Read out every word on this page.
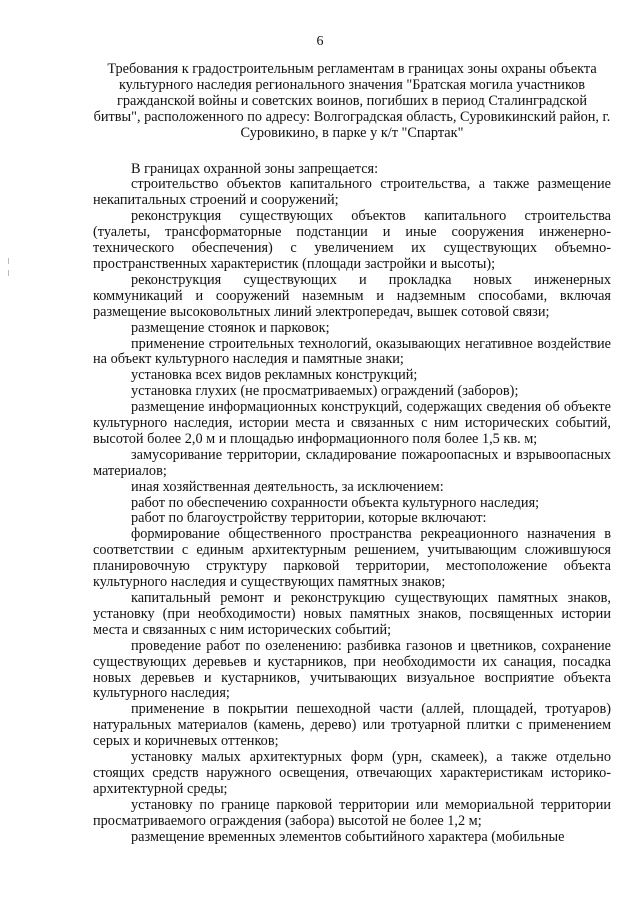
6
Требования к градостроительным регламентам в границах зоны охраны объекта культурного наследия регионального значения "Братская могила участников гражданской войны и советских воинов, погибших в период Сталинградской битвы", расположенного по адресу: Волгоградская область, Суровикинский район, г. Суровикино, в парке у к/т "Спартак"

В границах охранной зоны запрещается:

строительство объектов капитального строительства, а также размещение некапитальных строений и сооружений;

реконструкция существующих объектов капитального строительства (туалеты, трансформаторные подстанции и иные сооружения инженерно-технического обеспечения) с увеличением их существующих объемно-пространственных характеристик (площади застройки и высоты);

реконструкция существующих и прокладка новых инженерных коммуникаций и сооружений наземным и надземным способами, включая размещение высоковольтных линий электропередач, вышек сотовой связи;

размещение стоянок и парковок;

применение строительных технологий, оказывающих негативное воздействие на объект культурного наследия и памятные знаки;

установка всех видов рекламных конструкций;

установка глухих (не просматриваемых) ограждений (заборов);

размещение информационных конструкций, содержащих сведения об объекте культурного наследия, истории места и связанных с ним исторических событий, высотой более 2,0 м и площадью информационного поля более 1,5 кв. м;

замусоривание территории, складирование пожароопасных и взрывоопасных материалов;

иная хозяйственная деятельность, за исключением:

работ по обеспечению сохранности объекта культурного наследия;

работ по благоустройству территории, которые включают:

формирование общественного пространства рекреационного назначения в соответствии с единым архитектурным решением, учитывающим сложившуюся планировочную структуру парковой территории, местоположение объекта культурного наследия и существующих памятных знаков;

капитальный ремонт и реконструкцию существующих памятных знаков, установку (при необходимости) новых памятных знаков, посвященных истории места и связанных с ним исторических событий;

проведение работ по озеленению: разбивка газонов и цветников, сохранение существующих деревьев и кустарников, при необходимости их санация, посадка новых деревьев и кустарников, учитывающих визуальное восприятие объекта культурного наследия;

применение в покрытии пешеходной части (аллей, площадей, тротуаров) натуральных материалов (камень, дерево) или тротуарной плитки с применением серых и коричневых оттенков;

установку малых архитектурных форм (урн, скамеек), а также отдельно стоящих средств наружного освещения, отвечающих характеристикам историко-архитектурной среды;

установку по границе парковой территории или мемориальной территории просматриваемого ограждения (забора) высотой не более 1,2 м;

размещение временных элементов событийного характера (мобильные
